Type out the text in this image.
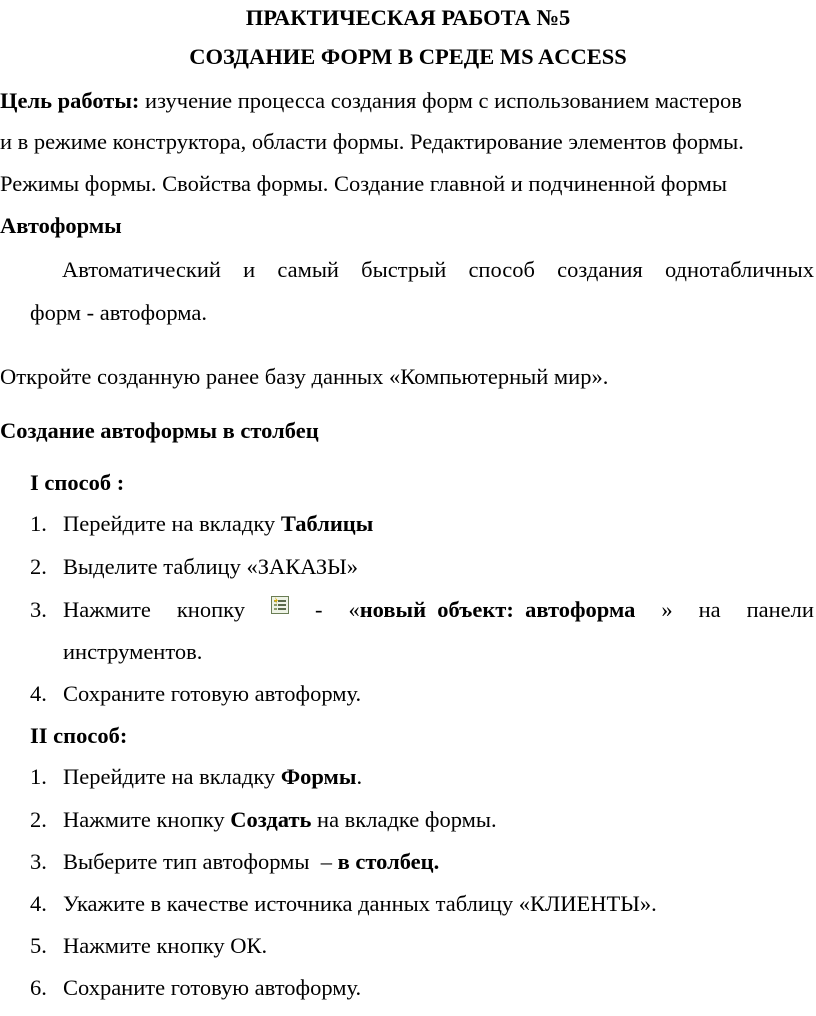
ПРАКТИЧЕСКАЯ РАБОТА №5
СОЗДАНИЕ ФОРМ В СРЕДЕ MS ACCESS
Цель работы: изучение процесса создания форм с использованием мастеров
и в режиме конструктора, области формы. Редактирование элементов формы.
Режимы формы. Свойства формы. Создание главной и подчиненной формы
Автоформы
Автоматический и самый быстрый способ создания однотабличных
форм - автоформа.
Откройте созданную ранее базу данных «Компьютерный мир».
Создание автоформы в столбец
I способ :
1. Перейдите на вкладку Таблицы
2. Выделите таблицу «ЗАКАЗЫ»
3. Нажмите кнопку	- «новый  объект:  автоформа » на панели
инструментов.
4. Сохраните готовую автоформу.
II способ:
1. Перейдите на вкладку Формы.
2. Нажмите кнопку Создать на вкладке формы.
3. Выберите тип автоформы  – в столбец.
4. Укажите в качестве источника данных таблицу «КЛИЕНТЫ».
5. Нажмите кнопку ОК.
6. Сохраните готовую автоформу.
